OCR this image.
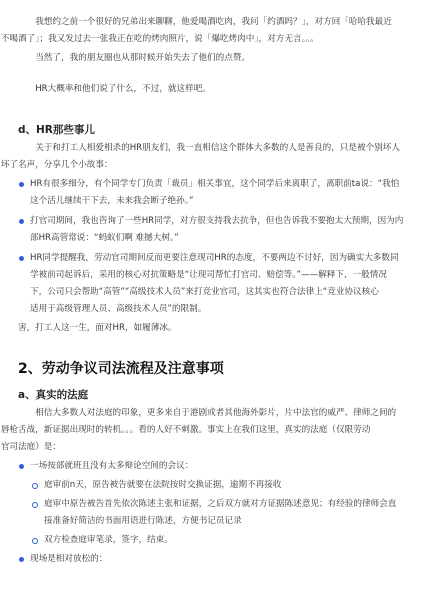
我想约之前一个很好的兄弟出来聊聊，他爱喝酒吃肉，我问「约酒吗？」，对方回「哈哈我最近
不喝酒了」；我又发过去一张我正在吃的烤肉照片，说「爆吃烤肉中」，对方无言。。。

当然了，我的朋友圈也从那时候开始失去了他们的点赞。

HR大概率和他们说了什么，不过，就这样吧。

d、HR那些事儿

关于和打工人相爱相杀的HR朋友们，我一直相信这个群体大多数的人是善良的，只是被个别坏人
坏了名声，分享几个小故事：

HR有很多细分，有个同学专门负责「裁员」相关事宜，这个同学后来离职了，离职前ta说：“我怕
这个活儿继续干下去，未来我会断子绝孙。”
打官司期间，我也咨询了一些HR同学，对方很支持我去抗争，但也告诉我不要抱太大预期，因为内
部HR高管常说：“蚂蚁们啊 难撼大树。”
HR同学提醒我，劳动官司期间反而更要注意现司HR的态度，不要两边不讨好，因为确实大多数同
学被前司起诉后，采用的核心对抗策略是“让现司帮忙打官司、赔偿等。”——解释下，一般情况
下，公司只会帮助“高管”“高级技术人员”来打竞业官司，这其实也符合法律上“竞业协议核心
适用于高级管理人员、高级技术人员”的限制。

害，打工人这一生，面对HR，如履薄冰。

2、劳动争议司法流程及注意事项
a、真实的法庭

相信大多数人对法庭的印象，更多来自于港剧或者其他海外影片，片中法官的威严、律师之间的
唇枪舌战，新证据出现时的转机。。。看的人好不刺激。事实上在我们这里，真实的法庭（仅限劳动
官司法庭）是：

一场按部就班且没有太多辩论空间的会议：
庭审前n天，原告被告就要在法院按时交换证据，逾期不再接收
庭审中原告被告首先依次陈述主张和证据，之后双方就对方证据陈述意见；有经验的律师会直
接准备好简洁的书面用语进行陈述，方便书记员记录
双方检查庭审笔录，签字，结束。
现场是相对放松的：
